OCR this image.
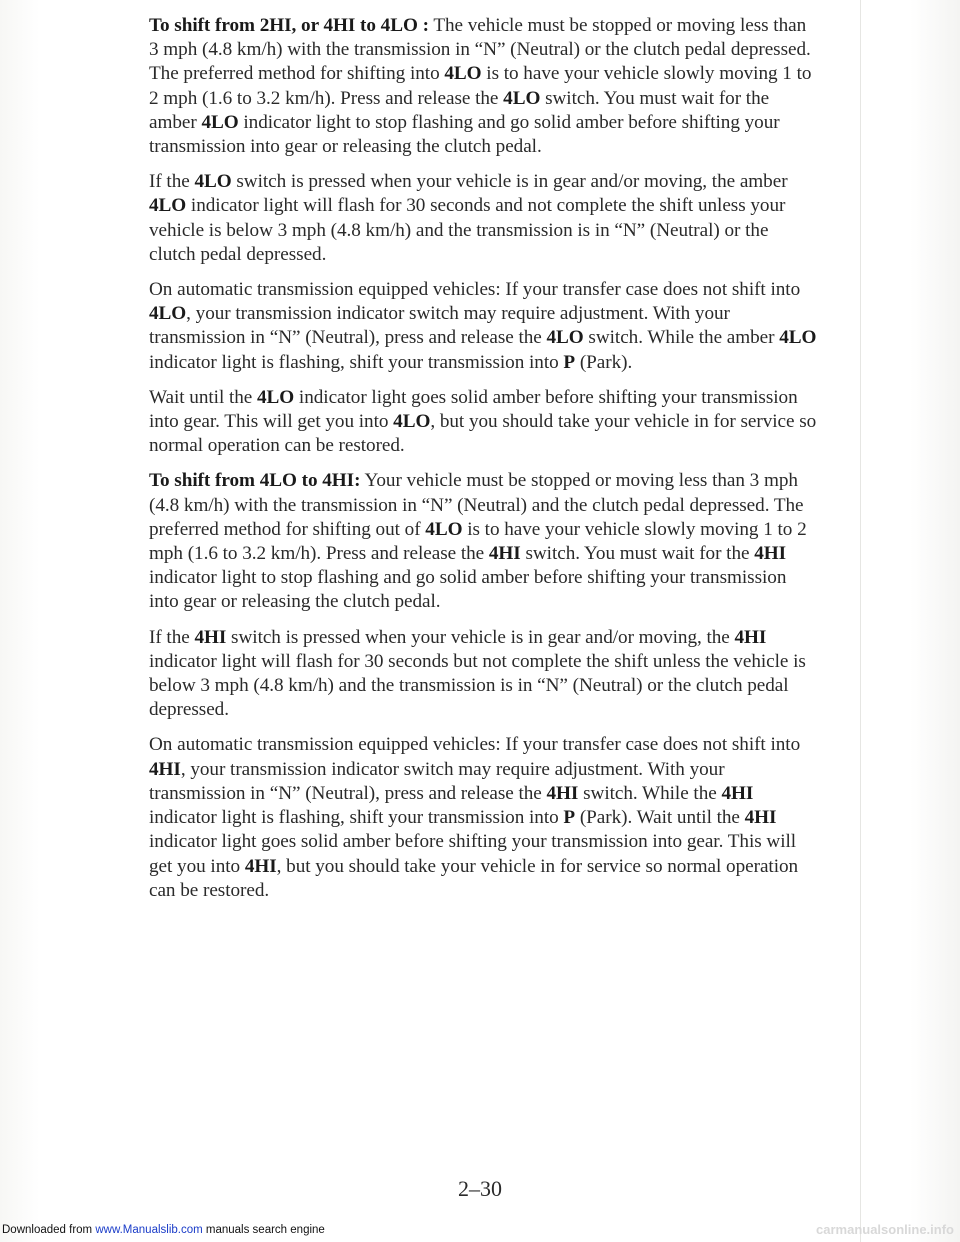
To shift from 2HI, or 4HI to 4LO : The vehicle must be stopped or moving less than 3 mph (4.8 km/h) with the transmission in “N” (Neutral) or the clutch pedal depressed. The preferred method for shifting into 4LO is to have your vehicle slowly moving 1 to 2 mph (1.6 to 3.2 km/h). Press and release the 4LO switch. You must wait for the amber 4LO indicator light to stop flashing and go solid amber before shifting your transmission into gear or releasing the clutch pedal.

If the 4LO switch is pressed when your vehicle is in gear and/or moving, the amber 4LO indicator light will flash for 30 seconds and not complete the shift unless your vehicle is below 3 mph (4.8 km/h) and the transmission is in “N” (Neutral) or the clutch pedal depressed.

On automatic transmission equipped vehicles: If your transfer case does not shift into 4LO, your transmission indicator switch may require adjustment. With your transmission in “N” (Neutral), press and release the 4LO switch. While the amber 4LO indicator light is flashing, shift your transmission into P (Park).

Wait until the 4LO indicator light goes solid amber before shifting your transmission into gear. This will get you into 4LO, but you should take your vehicle in for service so normal operation can be restored.

To shift from 4LO to 4HI: Your vehicle must be stopped or moving less than 3 mph (4.8 km/h) with the transmission in “N” (Neutral) and the clutch pedal depressed. The preferred method for shifting out of 4LO is to have your vehicle slowly moving 1 to 2 mph (1.6 to 3.2 km/h). Press and release the 4HI switch. You must wait for the 4HI indicator light to stop flashing and go solid amber before shifting your transmission into gear or releasing the clutch pedal.

If the 4HI switch is pressed when your vehicle is in gear and/or moving, the 4HI indicator light will flash for 30 seconds but not complete the shift unless the vehicle is below 3 mph (4.8 km/h) and the transmission is in “N” (Neutral) or the clutch pedal depressed.

On automatic transmission equipped vehicles: If your transfer case does not shift into 4HI, your transmission indicator switch may require adjustment. With your transmission in “N” (Neutral), press and release the 4HI switch. While the 4HI indicator light is flashing, shift your transmission into P (Park). Wait until the 4HI indicator light goes solid amber before shifting your transmission into gear. This will get you into 4HI, but you should take your vehicle in for service so normal operation can be restored.

2–30
Downloaded from www.Manualslib.com manuals search engine	carmanualsonline.info
